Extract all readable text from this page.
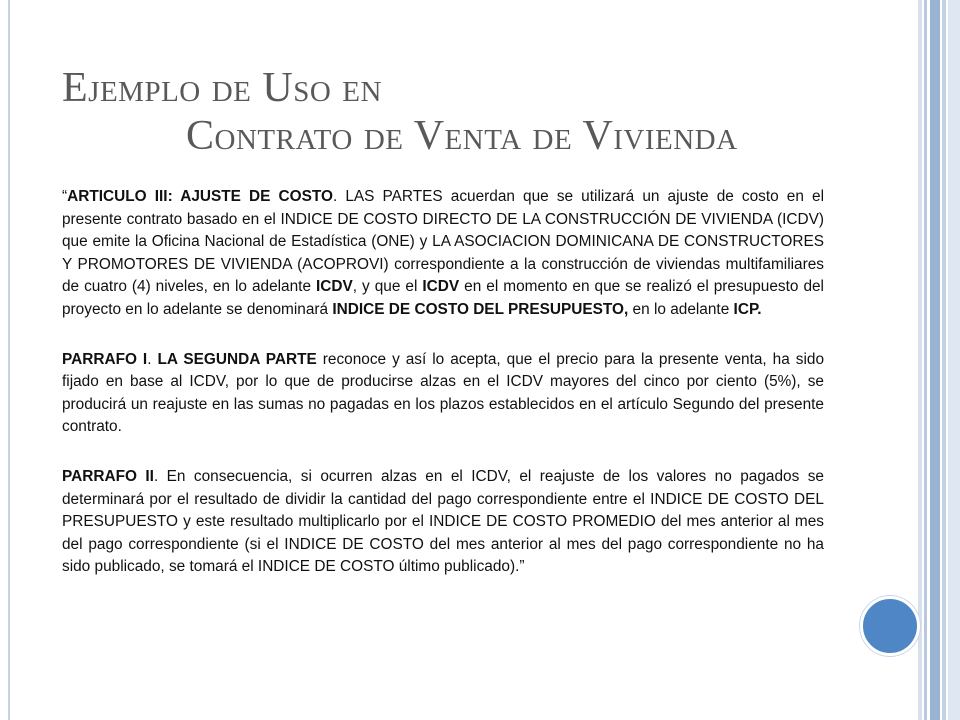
Ejemplo de Uso en
Contrato de Venta de Vivienda

“ARTICULO III: AJUSTE DE COSTO. LAS PARTES acuerdan que se utilizará un ajuste de costo en el presente contrato basado en el INDICE DE COSTO DIRECTO DE LA CONSTRUCCIÓN DE VIVIENDA (ICDV) que emite la Oficina Nacional de Estadística (ONE) y LA ASOCIACION DOMINICANA DE CONSTRUCTORES Y PROMOTORES DE VIVIENDA (ACOPROVI) correspondiente a la construcción de viviendas multifamiliares de cuatro (4) niveles, en lo adelante ICDV, y que el ICDV en el momento en que se realizó el presupuesto del proyecto en lo adelante se denominará INDICE DE COSTO DEL PRESUPUESTO, en lo adelante ICP.

PARRAFO I. LA SEGUNDA PARTE reconoce y así lo acepta, que el precio para la presente venta, ha sido fijado en base al ICDV, por lo que de producirse alzas en el ICDV mayores del cinco por ciento (5%), se producirá un reajuste en las sumas no pagadas en los plazos establecidos en el artículo Segundo del presente contrato.

PARRAFO II. En consecuencia, si ocurren alzas en el ICDV, el reajuste de los valores no pagados se determinará por el resultado de dividir la cantidad del pago correspondiente entre el INDICE DE COSTO DEL PRESUPUESTO y este resultado multiplicarlo por el INDICE DE COSTO PROMEDIO del mes anterior al mes del pago correspondiente (si el INDICE DE COSTO del mes anterior al mes del pago correspondiente no ha sido publicado, se tomará el INDICE DE COSTO último publicado).”
